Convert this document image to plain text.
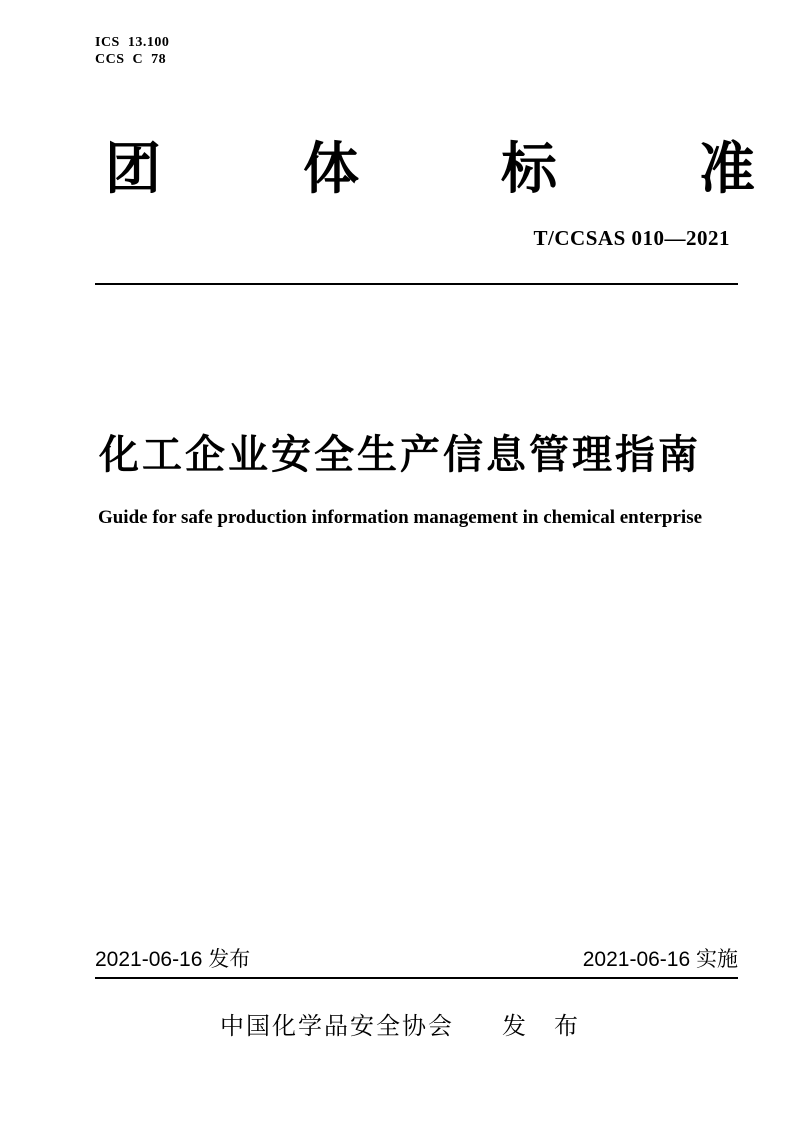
ICS  13.100
CCS  C  78
团	体	标	准
T/CCSAS 010—2021
化工企业安全生产信息管理指南
Guide for safe production information management in chemical enterprise
2021-06-16 发布	2021-06-16 实施
中国化学品安全协会 发　布
